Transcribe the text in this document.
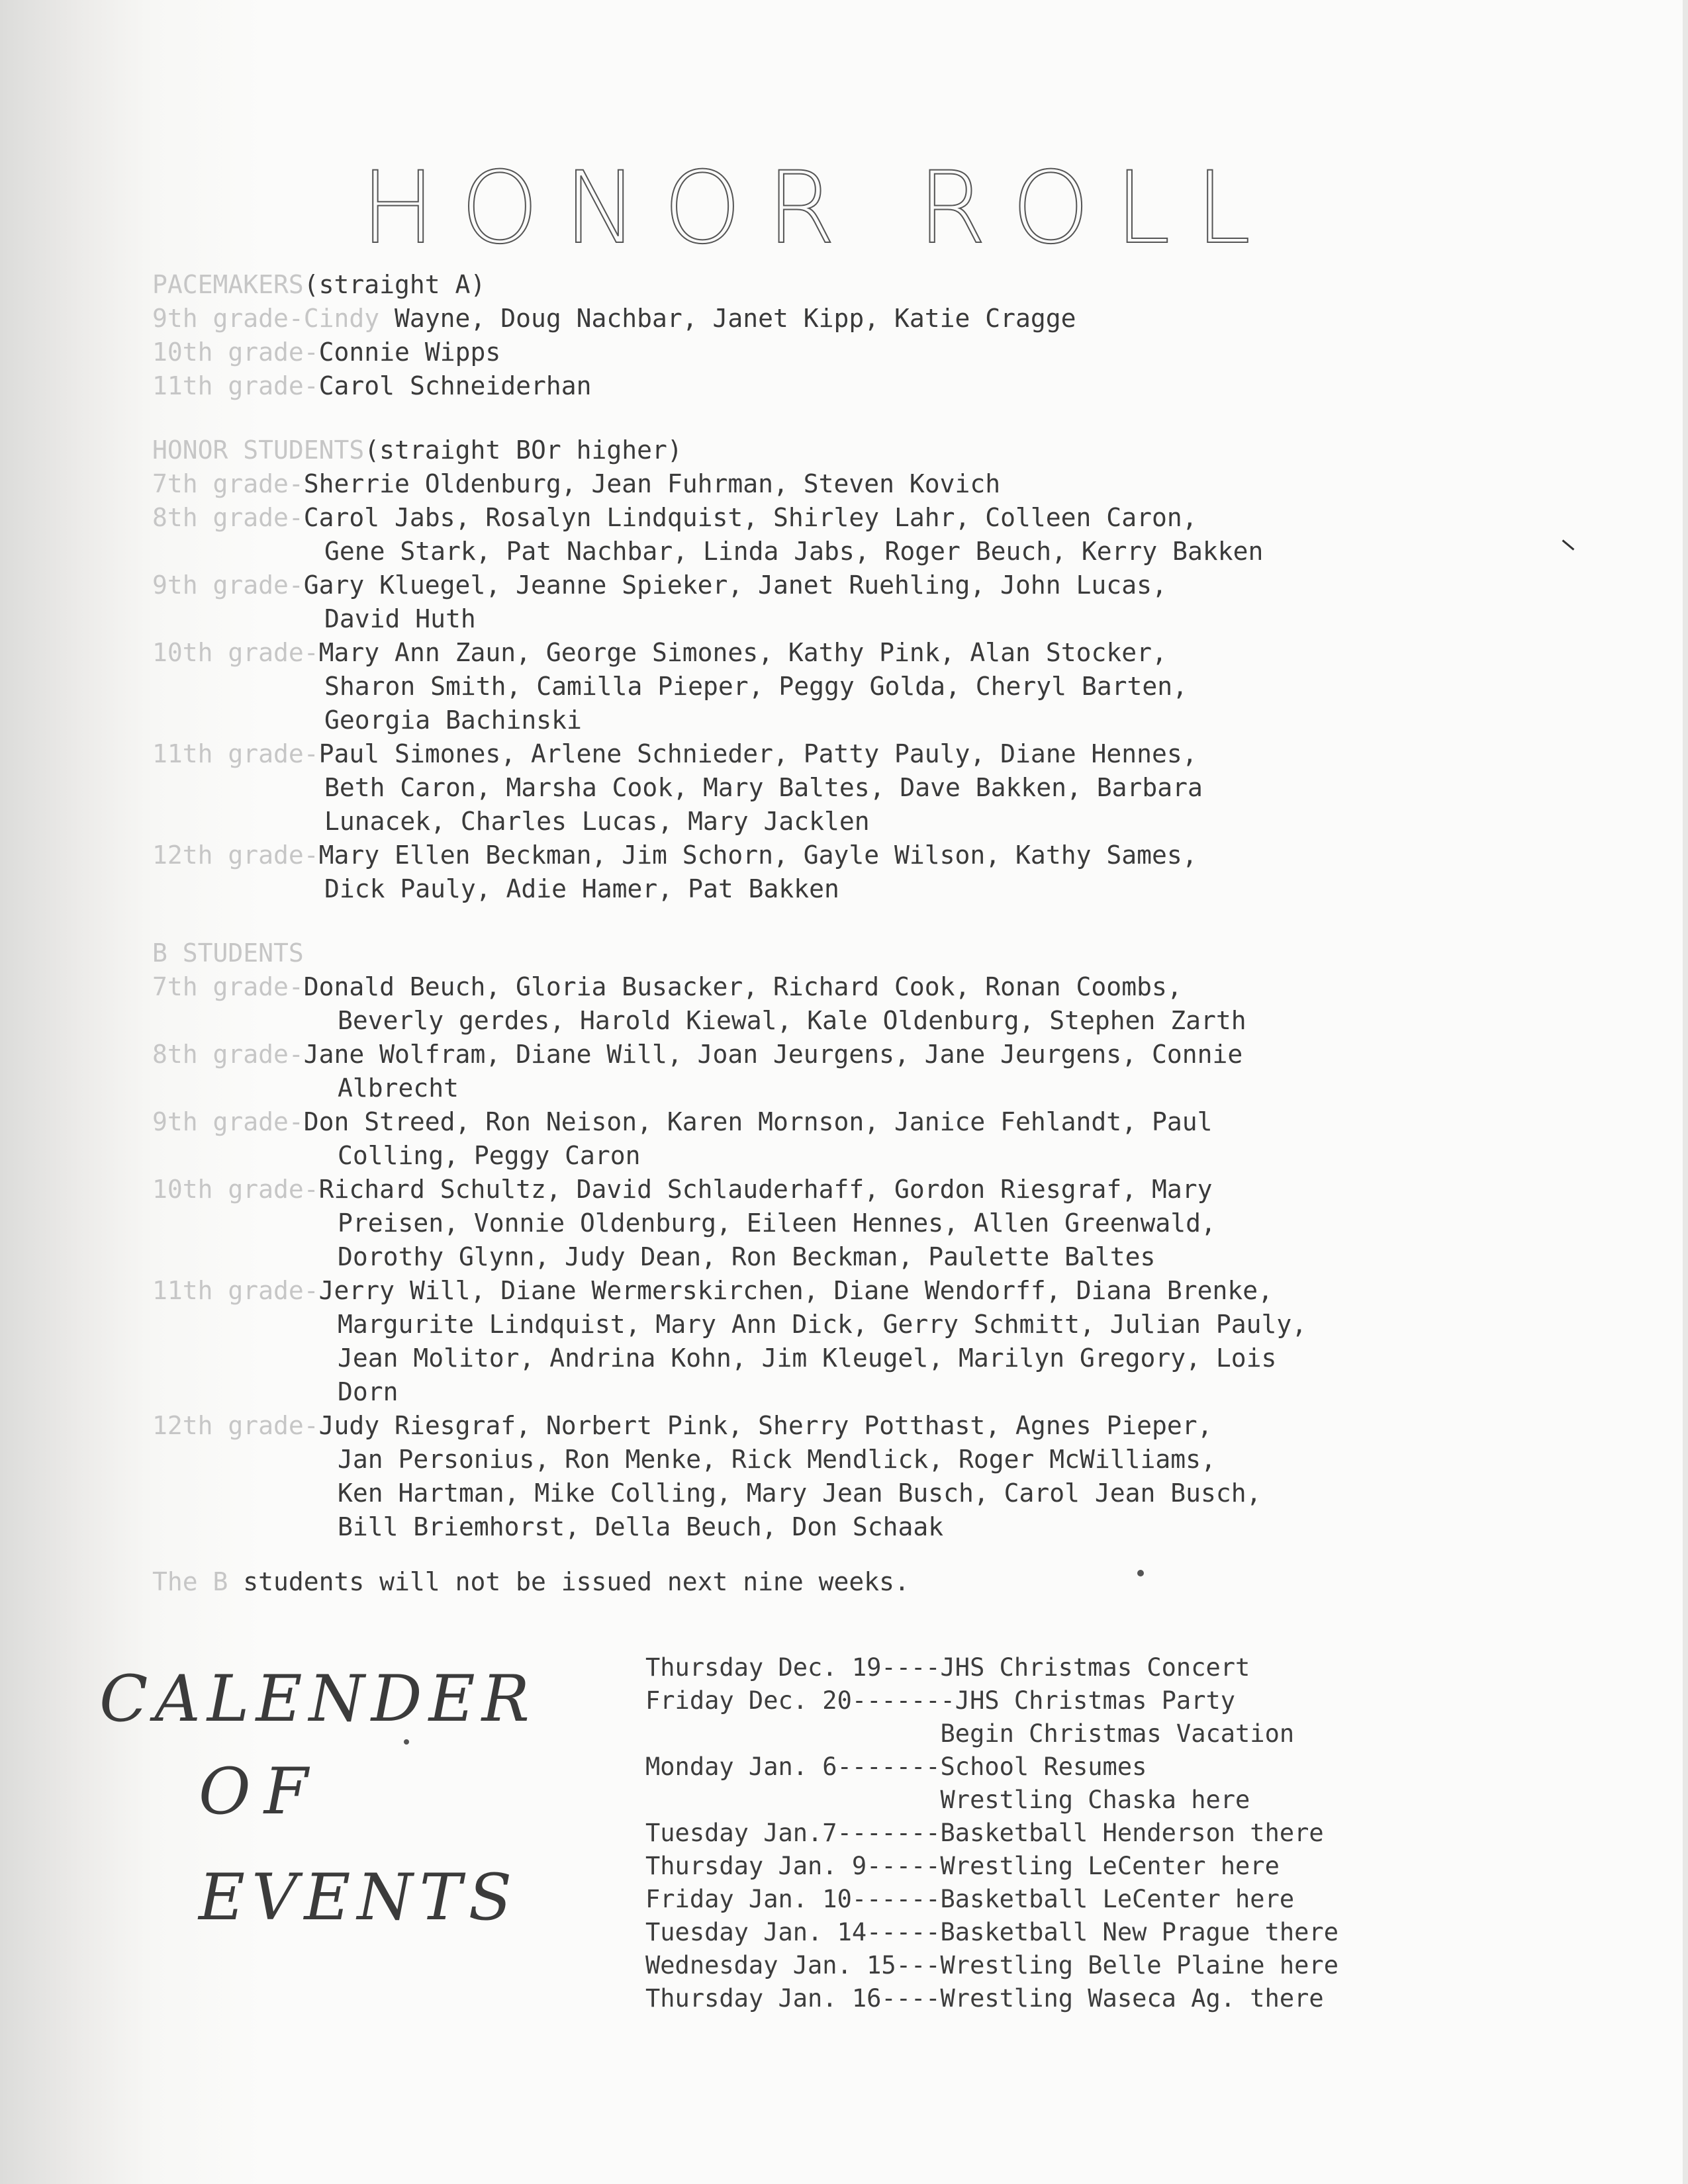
HONOR ROLL
PACEMAKERS(straight A)
9th grade-Cindy Wayne, Doug Nachbar, Janet Kipp, Katie Cragge
10th grade-Connie Wipps
11th grade-Carol Schneiderhan
HONOR STUDENTS(straight BOr higher)
7th grade-Sherrie Oldenburg, Jean Fuhrman, Steven Kovich
8th grade-Carol Jabs, Rosalyn Lindquist, Shirley Lahr, Colleen Caron,
Gene Stark, Pat Nachbar, Linda Jabs, Roger Beuch, Kerry Bakken
9th grade-Gary Kluegel, Jeanne Spieker, Janet Ruehling, John Lucas,
David Huth
10th grade-Mary Ann Zaun, George Simones, Kathy Pink, Alan Stocker,
Sharon Smith, Camilla Pieper, Peggy Golda, Cheryl Barten,
Georgia Bachinski
11th grade-Paul Simones, Arlene Schnieder, Patty Pauly, Diane Hennes,
Beth Caron, Marsha Cook, Mary Baltes, Dave Bakken, Barbara
Lunacek, Charles Lucas, Mary Jacklen
12th grade-Mary Ellen Beckman, Jim Schorn, Gayle Wilson, Kathy Sames,
Dick Pauly, Adie Hamer, Pat Bakken
B STUDENTS
7th grade-Donald Beuch, Gloria Busacker, Richard Cook, Ronan Coombs,
Beverly gerdes, Harold Kiewal, Kale Oldenburg, Stephen Zarth
8th grade-Jane Wolfram, Diane Will, Joan Jeurgens, Jane Jeurgens, Connie
Albrecht
9th grade-Don Streed, Ron Neison, Karen Mornson, Janice Fehlandt, Paul
Colling, Peggy Caron
10th grade-Richard Schultz, David Schlauderhaff, Gordon Riesgraf, Mary
Preisen, Vonnie Oldenburg, Eileen Hennes, Allen Greenwald,
Dorothy Glynn, Judy Dean, Ron Beckman, Paulette Baltes
11th grade-Jerry Will, Diane Wermerskirchen, Diane Wendorff, Diana Brenke,
Margurite Lindquist, Mary Ann Dick, Gerry Schmitt, Julian Pauly,
Jean Molitor, Andrina Kohn, Jim Kleugel, Marilyn Gregory, Lois
Dorn
12th grade-Judy Riesgraf, Norbert Pink, Sherry Potthast, Agnes Pieper,
Jan Personius, Ron Menke, Rick Mendlick, Roger McWilliams,
Ken Hartman, Mike Colling, Mary Jean Busch, Carol Jean Busch,
Bill Briemhorst, Della Beuch, Don Schaak
The B students will not be issued next nine weeks.
CALENDER
OF
EVENTS
Thursday Dec. 19----JHS Christmas Concert
Friday Dec. 20-------JHS Christmas Party
Begin Christmas Vacation
Monday Jan. 6-------School Resumes
Wrestling Chaska here
Tuesday Jan.7-------Basketball Henderson there
Thursday Jan. 9-----Wrestling LeCenter here
Friday Jan. 10------Basketball LeCenter here
Tuesday Jan. 14-----Basketball New Prague there
Wednesday Jan. 15---Wrestling Belle Plaine here
Thursday Jan. 16----Wrestling Waseca Ag. there
